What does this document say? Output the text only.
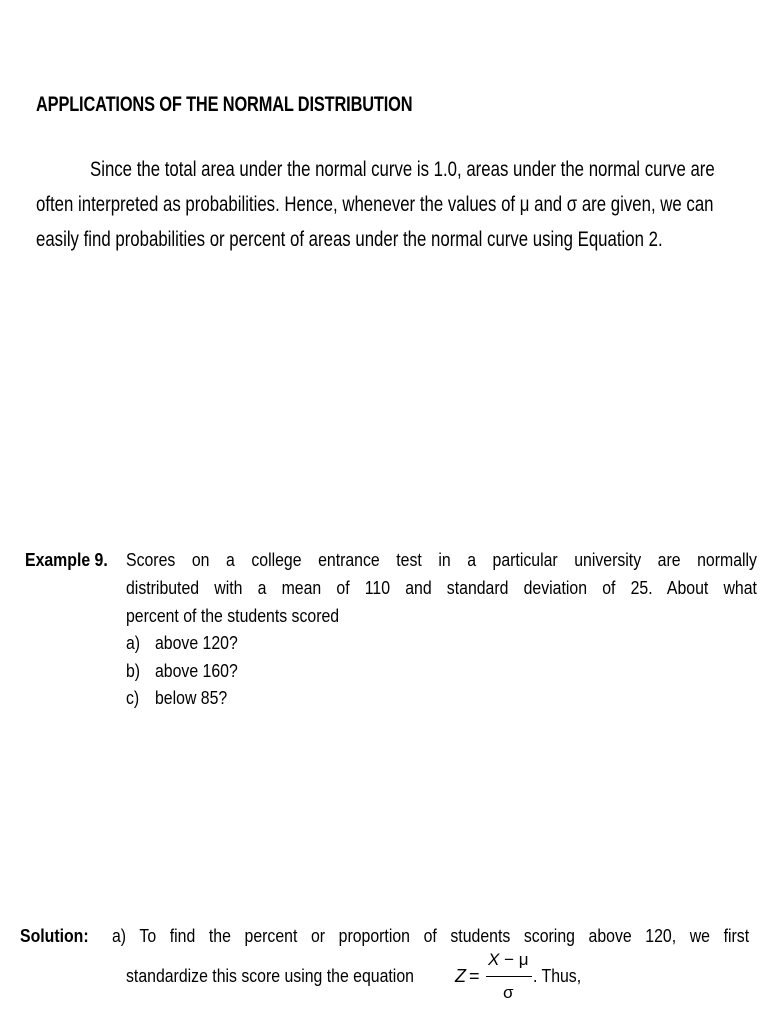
APPLICATIONS OF THE NORMAL DISTRIBUTION
Since the total area under the normal curve is 1.0, areas under the normal curve are
often interpreted as probabilities. Hence, whenever the values of μ and σ are given, we can
easily find probabilities or percent of areas under the normal curve using Equation 2.
Example 9. Scores on a college entrance test in a particular university are normally
distributed with a mean of 110 and standard deviation of 25. About what
percent of the students scored
a) above 120?
b) above 160?
c) below 85?
Solution: a) To find the percent or proportion of students scoring above 120, we first
standardize this score using the equation Z =
X − μ
σ
. Thus,
